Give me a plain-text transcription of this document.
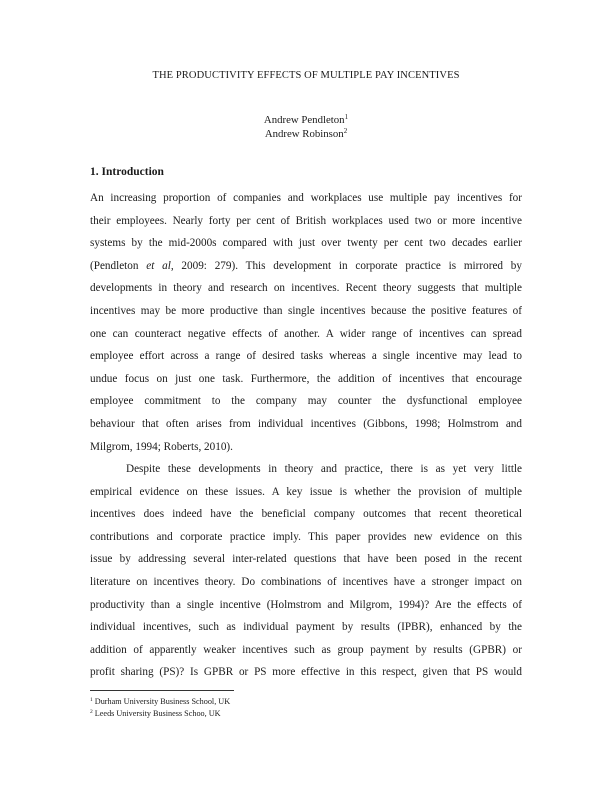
THE PRODUCTIVITY EFFECTS OF MULTIPLE PAY INCENTIVES
Andrew Pendleton$^1$
Andrew Robinson$^2$
1. Introduction
An increasing proportion of companies and workplaces use multiple pay incentives for
their employees. Nearly forty per cent of British workplaces used two or more incentive
systems by the mid-2000s compared with just over twenty per cent two decades earlier
(Pendleton et al, 2009: 279). This development in corporate practice is mirrored by
developments in theory and research on incentives. Recent theory suggests that multiple
incentives may be more productive than single incentives because the positive features of
one can counteract negative effects of another. A wider range of incentives can spread
employee effort across a range of desired tasks whereas a single incentive may lead to
undue focus on just one task. Furthermore, the addition of incentives that encourage
employee commitment to the company may counter the dysfunctional employee
behaviour that often arises from individual incentives (Gibbons, 1998; Holmstrom and
Milgrom, 1994; Roberts, 2010).
Despite these developments in theory and practice, there is as yet very little
empirical evidence on these issues. A key issue is whether the provision of multiple
incentives does indeed have the beneficial company outcomes that recent theoretical
contributions and corporate practice imply. This paper provides new evidence on this
issue by addressing several inter-related questions that have been posed in the recent
literature on incentives theory. Do combinations of incentives have a stronger impact on
productivity than a single incentive (Holmstrom and Milgrom, 1994)? Are the effects of
individual incentives, such as individual payment by results (IPBR), enhanced by the
addition of apparently weaker incentives such as group payment by results (GPBR) or
profit sharing (PS)? Is GPBR or PS more effective in this respect, given that PS would
$^1$ Durham University Business School, UK
$^2$ Leeds University Business Schoo, UK
